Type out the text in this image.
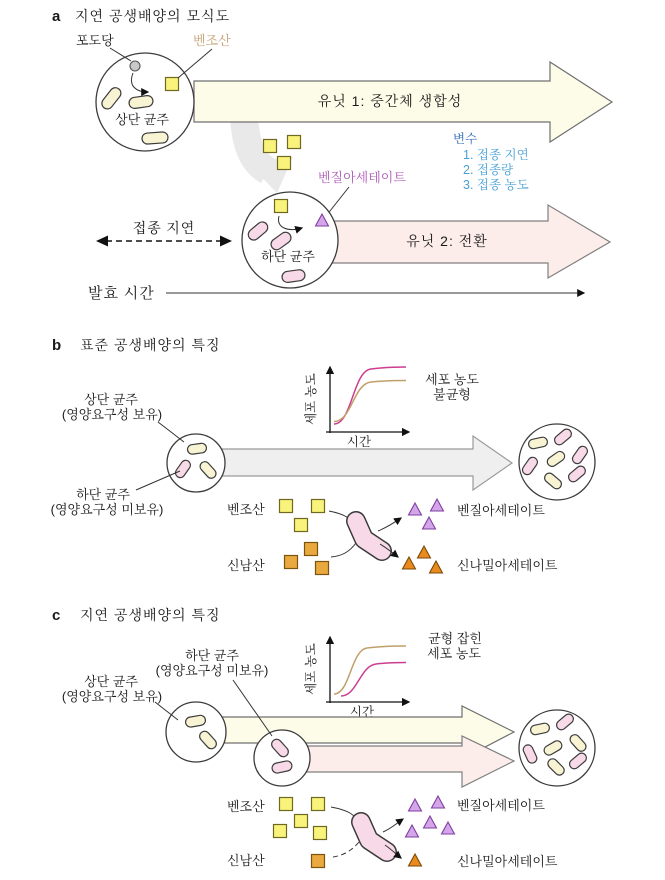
a 지연 공생배양의 모식도
유닛 1: 중간체 생합성
유닛 2: 전환
상단 균주
포도당	벤조산
벤질아세테이트
변수
1. 접종 지연
2. 접종량
3. 접종 농도
하단 균주
접종 지연
발효 시간
b 표준 공생배양의 특징
세포 농도
시간
세포 농도
불균형
상단 균주
(영양요구성 보유)
하단 균주
(영양요구성 미보유)	벤조산
신남산
벤질아세테이트
신나밀아세테이트
c 지연 공생배양의 특징
세포 농도
시간
균형 잡힌
세포 농도
하단 균주
(영양요구성 미보유)
상단 균주
(영양요구성 보유)
벤조산
신남산
벤질아세테이트
신나밀아세테이트
